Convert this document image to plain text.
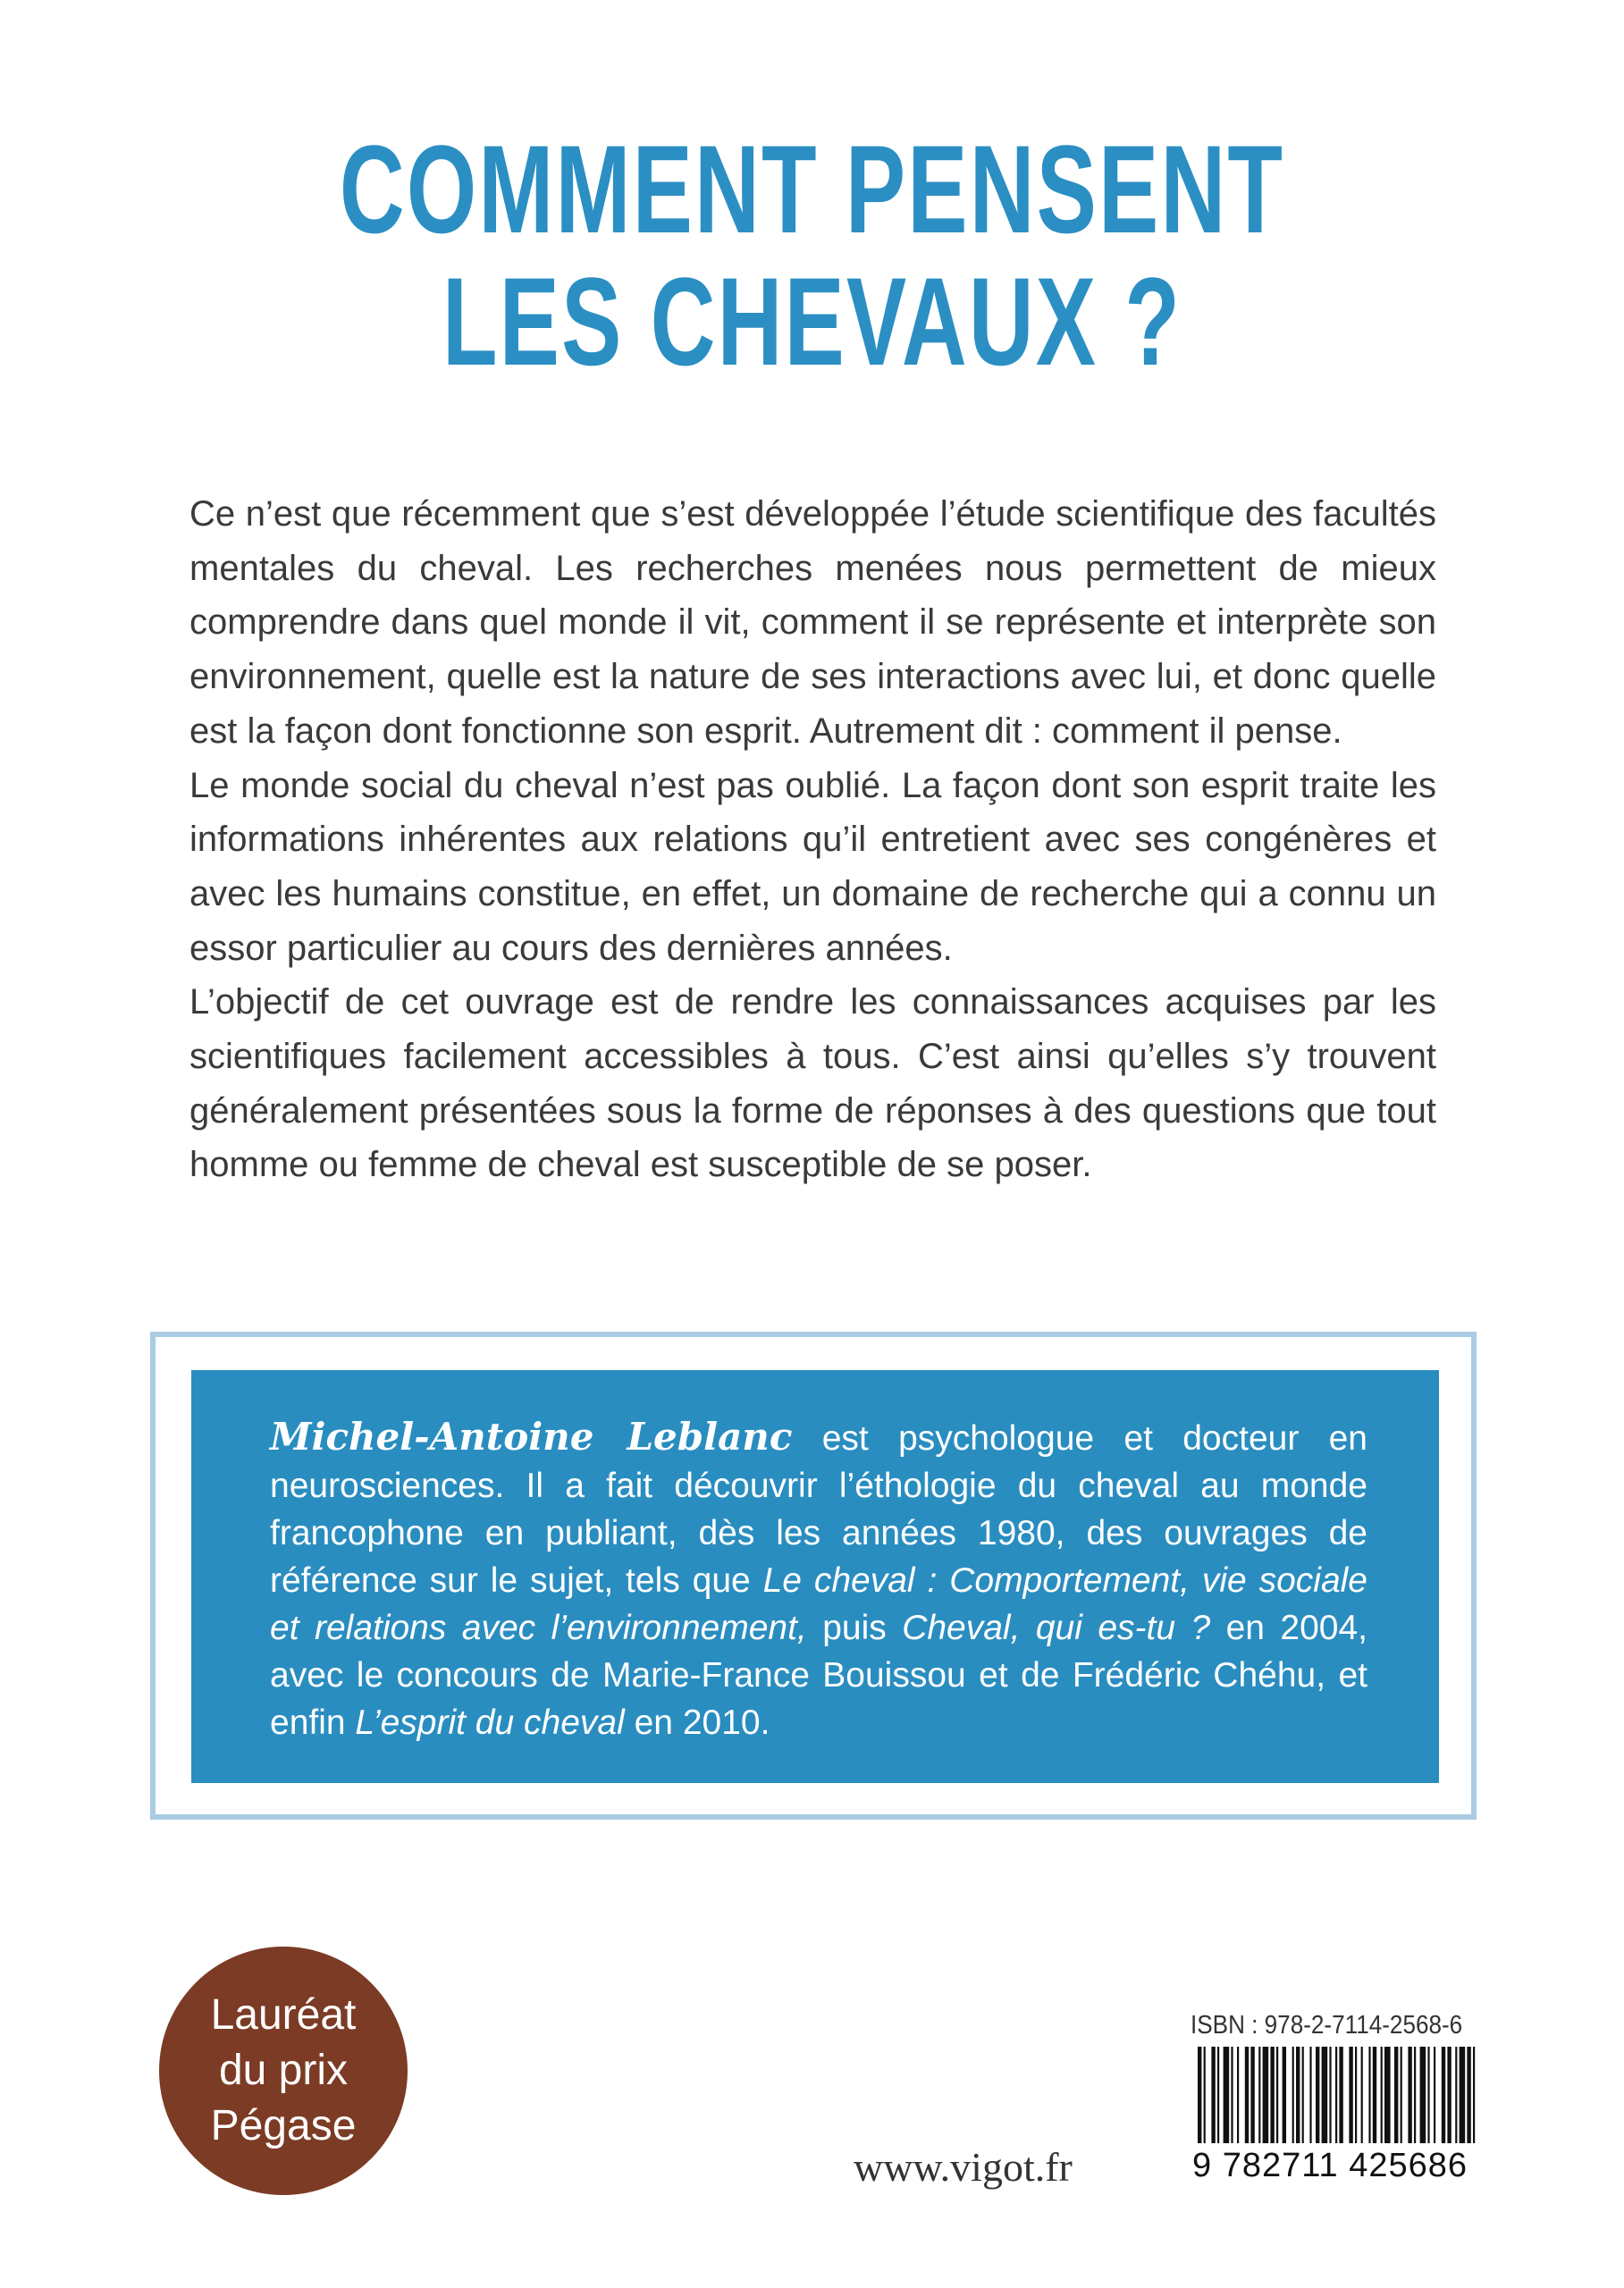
COMMENT PENSENT
LES CHEVAUX ?

Ce n’est que récemment que s’est développée l’étude scientifique des facultés mentales du cheval. Les recherches menées nous permettent de mieux comprendre dans quel monde il vit, comment il se représente et interprète son environnement, quelle est la nature de ses interactions avec lui, et donc quelle est la façon dont fonctionne son esprit. Autrement dit : comment il pense.

Le monde social du cheval n’est pas oublié. La façon dont son esprit traite les informations inhérentes aux relations qu’il entretient avec ses congénères et avec les humains constitue, en effet, un domaine de recherche qui a connu un essor particulier au cours des dernières années.

L’objectif de cet ouvrage est de rendre les connaissances acquises par les scientifiques facilement accessibles à tous. C’est ainsi qu’elles s’y trouvent généralement présentées sous la forme de réponses à des questions que tout homme ou femme de cheval est susceptible de se poser.

Michel-Antoine Leblanc est psychologue et docteur en neurosciences. Il a fait découvrir l’éthologie du cheval au monde francophone en publiant, dès les années 1980, des ouvrages de référence sur le sujet, tels que Le cheval : Comportement, vie sociale et relations avec l’environnement, puis Cheval, qui es-tu ? en 2004, avec le concours de Marie-France Bouissou et de Frédéric Chéhu, et enfin L’esprit du cheval en 2010.
Lauréat
du prix
Pégase
www.vigot.fr
ISBN : 978-2-7114-2568-6
9 782711 425686
